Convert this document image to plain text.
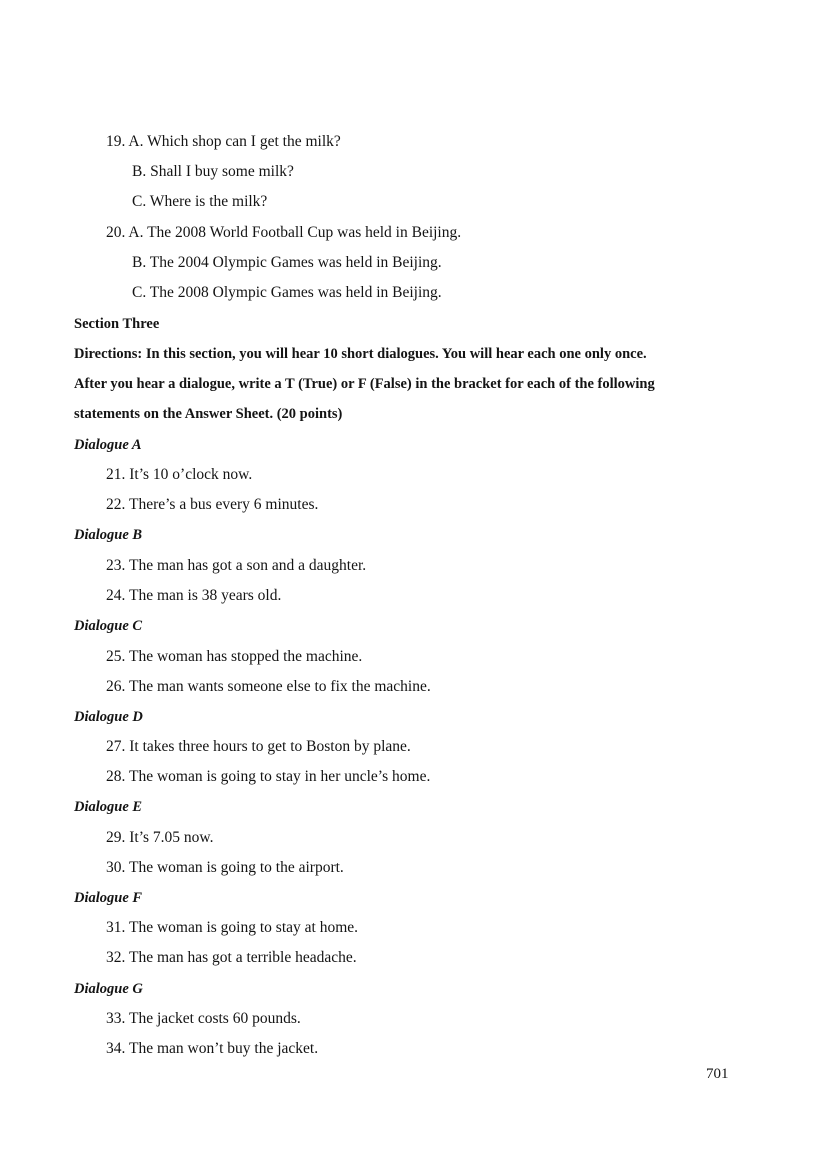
19. A. Which shop can I get the milk?
B. Shall I buy some milk?
C. Where is the milk?
20. A. The 2008 World Football Cup was held in Beijing.
B. The 2004 Olympic Games was held in Beijing.
C. The 2008 Olympic Games was held in Beijing.
Section Three
Directions: In this section, you will hear 10 short dialogues. You will hear each one only once.
After you hear a dialogue, write a T (True) or F (False) in the bracket for each of the following
statements on the Answer Sheet. (20 points)
Dialogue A
21. It’s 10 o’clock now.
22. There’s a bus every 6 minutes.
Dialogue B
23. The man has got a son and a daughter.
24. The man is 38 years old.
Dialogue C
25. The woman has stopped the machine.
26. The man wants someone else to fix the machine.
Dialogue D
27. It takes three hours to get to Boston by plane.
28. The woman is going to stay in her uncle’s home.
Dialogue E
29. It’s 7.05 now.
30. The woman is going to the airport.
Dialogue F
31. The woman is going to stay at home.
32. The man has got a terrible headache.
Dialogue G
33. The jacket costs 60 pounds.
34. The man won’t buy the jacket.
701
